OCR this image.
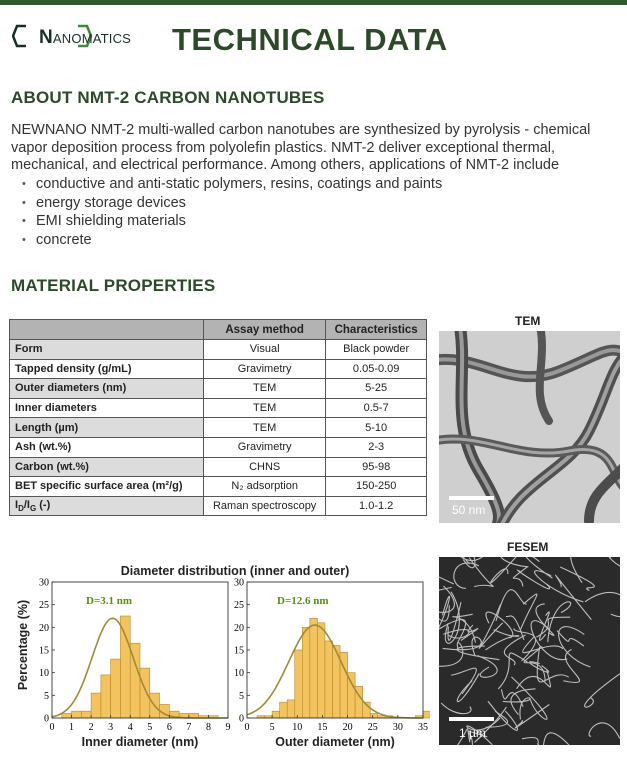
NANOMATICS TECHNICAL DATA
ABOUT NMT-2 CARBON NANOTUBES
NEWNANO NMT-2 multi-walled carbon nanotubes are synthesized by pyrolysis - chemical vapor deposition process from polyolefin plastics. NMT-2 deliver exceptional thermal, mechanical, and electrical performance. Among others, applications of NMT-2 include
• conductive and anti-static polymers, resins, coatings and paints
• energy storage devices
• EMI shielding materials
• concrete
MATERIAL PROPERTIES
	Assay method	Characteristics
Form	Visual	Black powder
Tapped density (g/mL)	Gravimetry	0.05-0.09
Outer diameters (nm)	TEM	5-25
Inner diameters	TEM	0.5-7
Length (µm)	TEM	5-10
Ash (wt.%)	Gravimetry	2-3
Carbon (wt.%)	CHNS	95-98
BET specific surface area (m²/g)	N₂ adsorption	150-250
$I_D/I_G$ (-)	Raman spectroscopy	1.0-1.2
TEM
50 nm
FESEM
1 µm
Diameter distribution (inner and outer)
Percentage (%)
0
5
10
15
20
25
30
0 1 2 3 4 5 6 7 8 9
D=3.1 nm
Inner diameter (nm)
0
5
10
15
20
25
30
0 5 10 15 20 25 30 35
D=12.6 nm
Outer diameter (nm)
